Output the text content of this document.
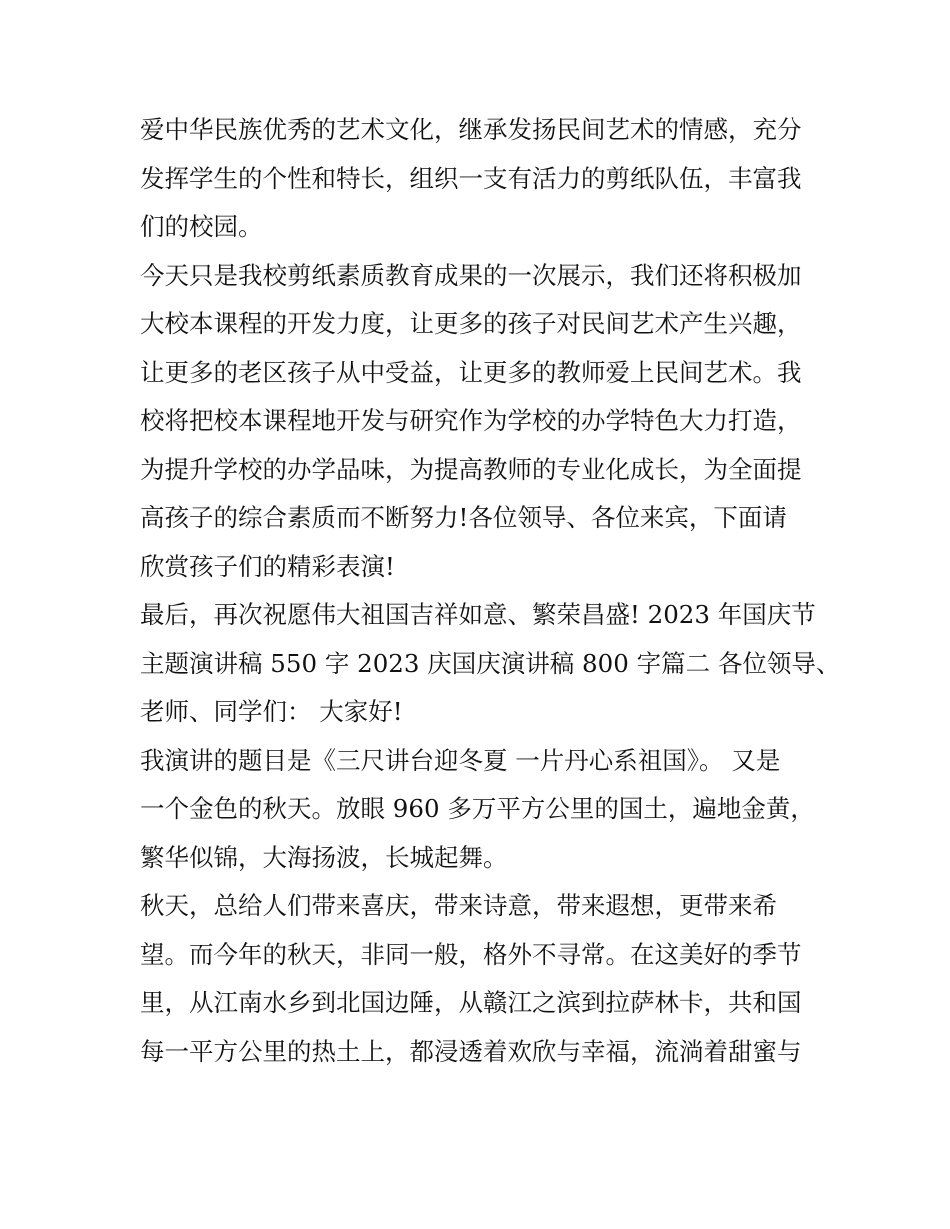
爱中华民族优秀的艺术文化，继承发扬民间艺术的情感，充分
发挥学生的个性和特长，组织一支有活力的剪纸队伍，丰富我
们的校园。
今天只是我校剪纸素质教育成果的一次展示，我们还将积极加
大校本课程的开发力度，让更多的孩子对民间艺术产生兴趣，
让更多的老区孩子从中受益，让更多的教师爱上民间艺术。我
校将把校本课程地开发与研究作为学校的办学特色大力打造，
为提升学校的办学品味，为提高教师的专业化成长，为全面提
高孩子的综合素质而不断努力!各位领导、各位来宾，下面请
欣赏孩子们的精彩表演!
最后，再次祝愿伟大祖国吉祥如意、繁荣昌盛! 2023 年国庆节
主题演讲稿 550 字 2023 庆国庆演讲稿 800 字篇二 各位领导、
老师、同学们： 大家好!
我演讲的题目是《三尺讲台迎冬夏 一片丹心系祖国》。 又是
一个金色的秋天。放眼 960 多万平方公里的国土，遍地金黄，
繁华似锦，大海扬波，长城起舞。
秋天，总给人们带来喜庆，带来诗意，带来遐想，更带来希
望。而今年的秋天，非同一般，格外不寻常。在这美好的季节
里，从江南水乡到北国边陲，从赣江之滨到拉萨林卡，共和国
每一平方公里的热土上，都浸透着欢欣与幸福，流淌着甜蜜与
